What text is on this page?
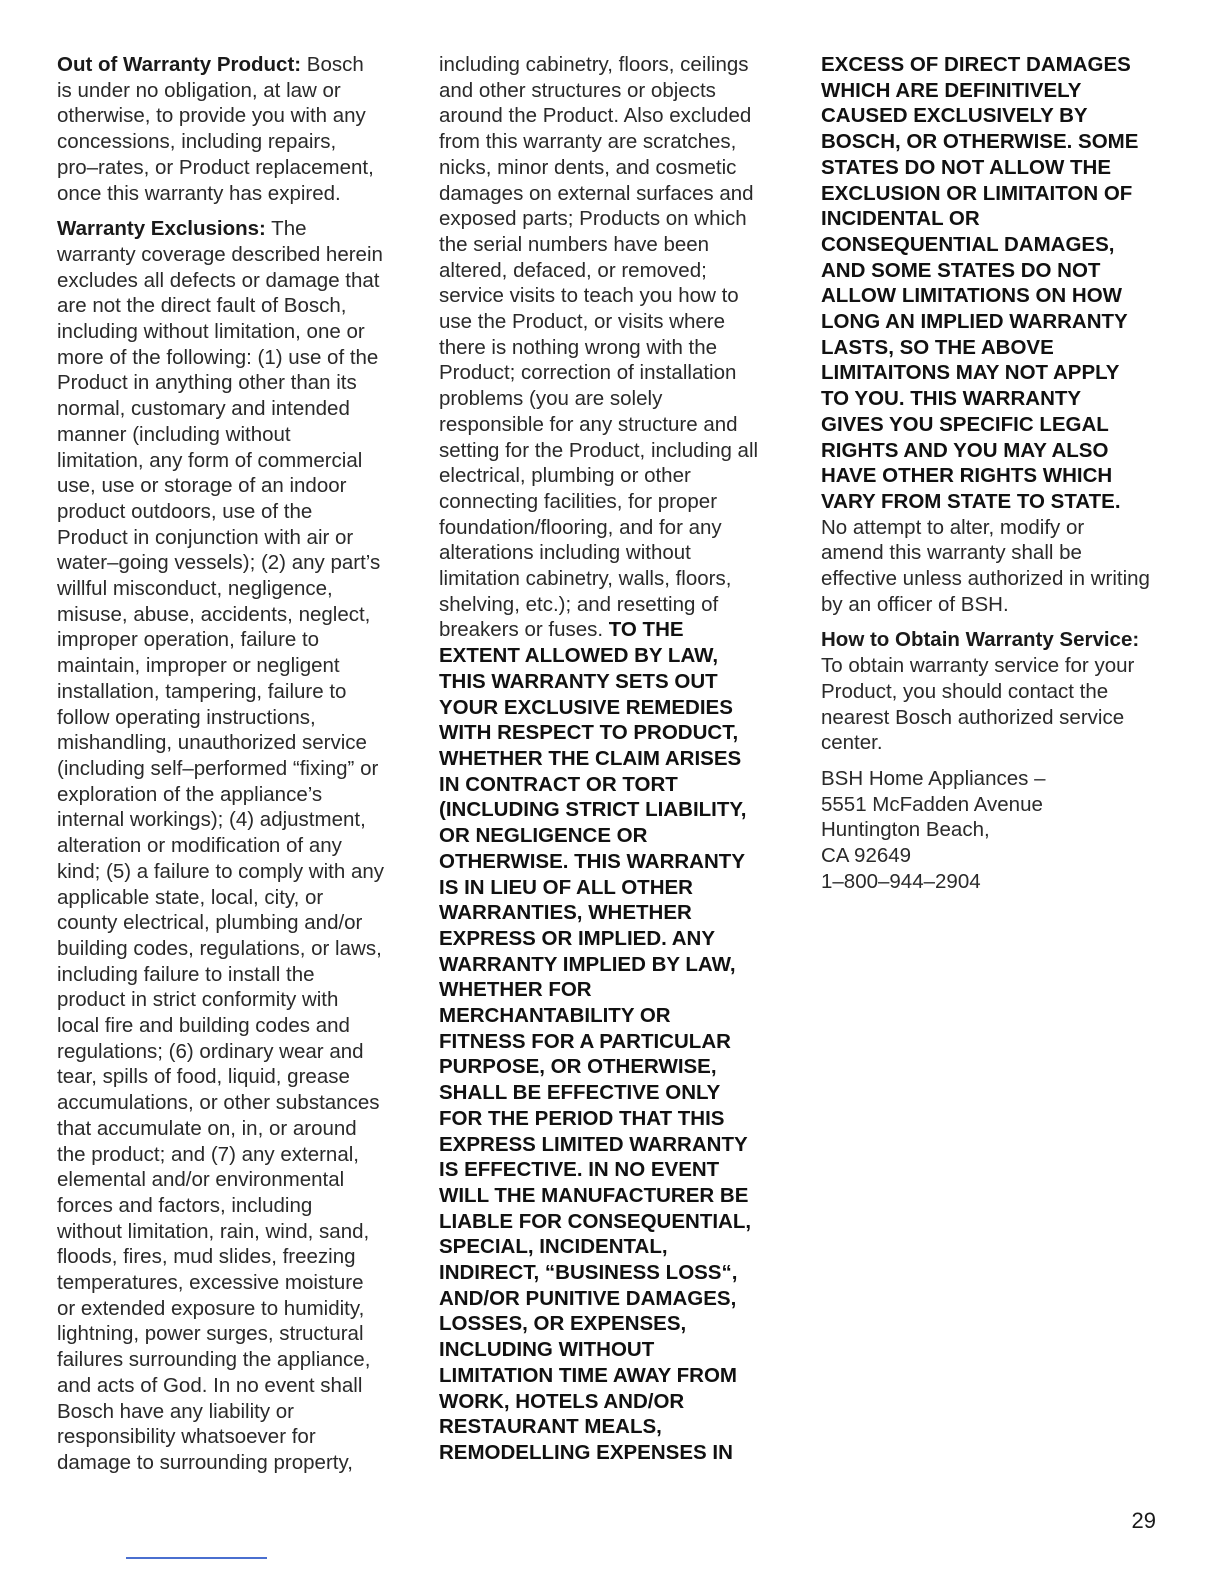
Out of Warranty Product: Bosch
is under no obligation, at law or
otherwise, to provide you with any
concessions, including repairs,
pro–rates, or Product replacement,
once this warranty has expired.

Warranty Exclusions: The
warranty coverage described herein
excludes all defects or damage that
are not the direct fault of Bosch,
including without limitation, one or
more of the following: (1) use of the
Product in anything other than its
normal, customary and intended
manner (including without
limitation, any form of commercial
use, use or storage of an indoor
product outdoors, use of the
Product in conjunction with air or
water–going vessels); (2) any part’s
willful misconduct, negligence,
misuse, abuse, accidents, neglect,
improper operation, failure to
maintain, improper or negligent
installation, tampering, failure to
follow operating instructions,
mishandling, unauthorized service
(including self–performed “fixing” or
exploration of the appliance’s
internal workings); (4) adjustment,
alteration or modification of any
kind; (5) a failure to comply with any
applicable state, local, city, or
county electrical, plumbing and/or
building codes, regulations, or laws,
including failure to install the
product in strict conformity with
local fire and building codes and
regulations; (6) ordinary wear and
tear, spills of food, liquid, grease
accumulations, or other substances
that accumulate on, in, or around
the product; and (7) any external,
elemental and/or environmental
forces and factors, including
without limitation, rain, wind, sand,
floods, fires, mud slides, freezing
temperatures, excessive moisture
or extended exposure to humidity,
lightning, power surges, structural
failures surrounding the appliance,
and acts of God. In no event shall
Bosch have any liability or
responsibility whatsoever for
damage to surrounding property,

including cabinetry, floors, ceilings
and other structures or objects
around the Product. Also excluded
from this warranty are scratches,
nicks, minor dents, and cosmetic
damages on external surfaces and
exposed parts; Products on which
the serial numbers have been
altered, defaced, or removed;
service visits to teach you how to
use the Product, or visits where
there is nothing wrong with the
Product; correction of installation
problems (you are solely
responsible for any structure and
setting for the Product, including all
electrical, plumbing or other
connecting facilities, for proper
foundation/flooring, and for any
alterations including without
limitation cabinetry, walls, floors,
shelving, etc.); and resetting of
breakers or fuses. TO THE
EXTENT ALLOWED BY LAW,
THIS WARRANTY SETS OUT
YOUR EXCLUSIVE REMEDIES
WITH RESPECT TO PRODUCT,
WHETHER THE CLAIM ARISES
IN CONTRACT OR TORT
(INCLUDING STRICT LIABILITY,
OR NEGLIGENCE OR
OTHERWISE. THIS WARRANTY
IS IN LIEU OF ALL OTHER
WARRANTIES, WHETHER
EXPRESS OR IMPLIED. ANY
WARRANTY IMPLIED BY LAW,
WHETHER FOR
MERCHANTABILITY OR
FITNESS FOR A PARTICULAR
PURPOSE, OR OTHERWISE,
SHALL BE EFFECTIVE ONLY
FOR THE PERIOD THAT THIS
EXPRESS LIMITED WARRANTY
IS EFFECTIVE. IN NO EVENT
WILL THE MANUFACTURER BE
LIABLE FOR CONSEQUENTIAL,
SPECIAL, INCIDENTAL,
INDIRECT, “BUSINESS LOSS“,
AND/OR PUNITIVE DAMAGES,
LOSSES, OR EXPENSES,
INCLUDING WITHOUT
LIMITATION TIME AWAY FROM
WORK, HOTELS AND/OR
RESTAURANT MEALS,
REMODELLING EXPENSES IN

EXCESS OF DIRECT DAMAGES
WHICH ARE DEFINITIVELY
CAUSED EXCLUSIVELY BY
BOSCH, OR OTHERWISE. SOME
STATES DO NOT ALLOW THE
EXCLUSION OR LIMITAITON OF
INCIDENTAL OR
CONSEQUENTIAL DAMAGES,
AND SOME STATES DO NOT
ALLOW LIMITATIONS ON HOW
LONG AN IMPLIED WARRANTY
LASTS, SO THE ABOVE
LIMITAITONS MAY NOT APPLY
TO YOU. THIS WARRANTY
GIVES YOU SPECIFIC LEGAL
RIGHTS AND YOU MAY ALSO
HAVE OTHER RIGHTS WHICH
VARY FROM STATE TO STATE.
No attempt to alter, modify or
amend this warranty shall be
effective unless authorized in writing
by an officer of BSH.

How to Obtain Warranty Service:
To obtain warranty service for your
Product, you should contact the
nearest Bosch authorized service
center.

BSH Home Appliances –
5551 McFadden Avenue
Huntington Beach,
CA 92649
1–800–944–2904

29
